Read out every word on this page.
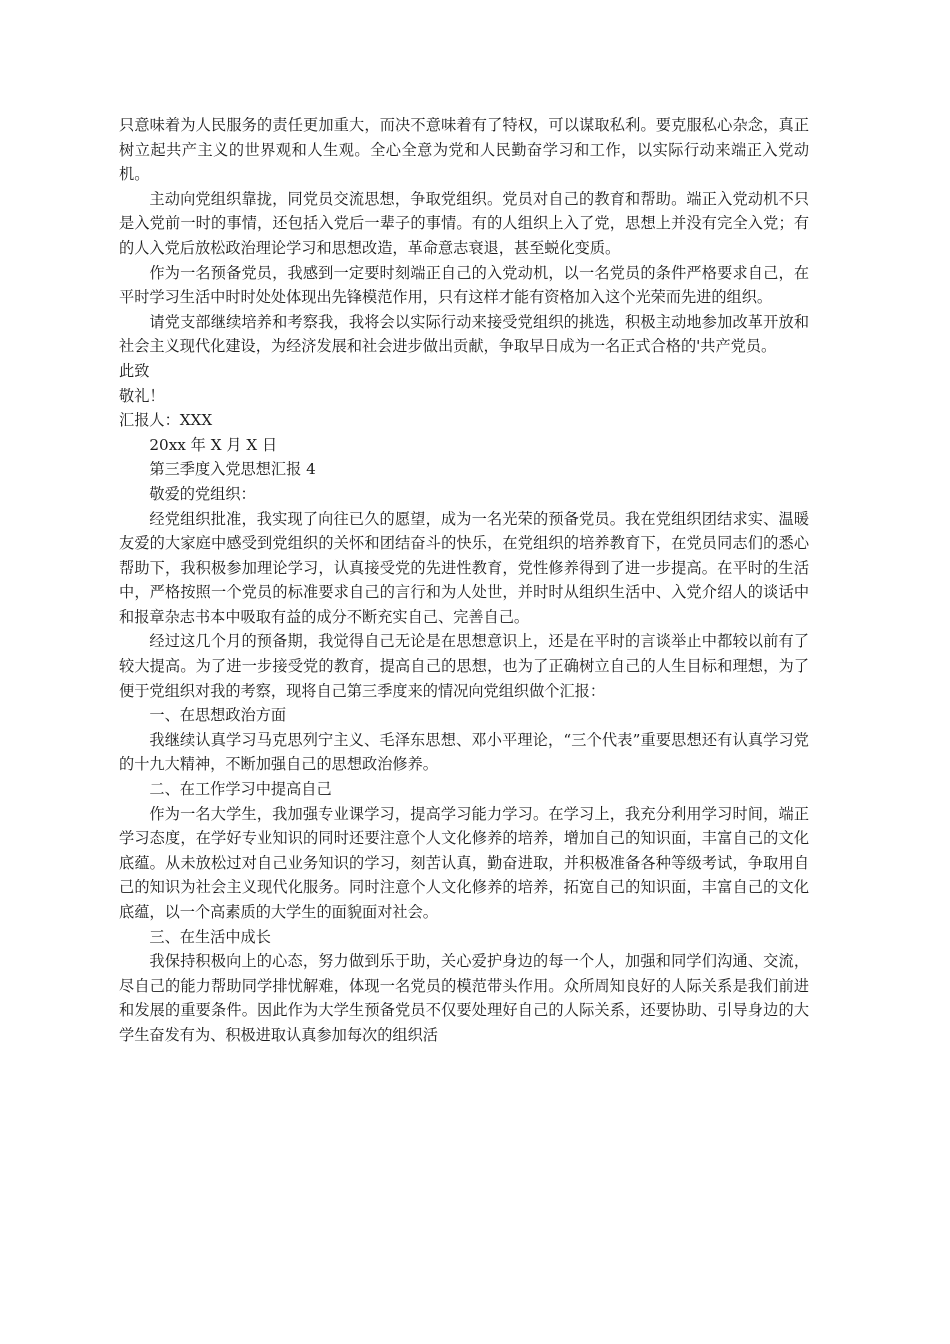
只意味着为人民服务的责任更加重大，而决不意味着有了特权，可以谋取私利。要克服私心杂念，真正树立起共产主义的世界观和人生观。全心全意为党和人民勤奋学习和工作，以实际行动来端正入党动机。

主动向党组织靠拢，同党员交流思想，争取党组织。党员对自己的教育和帮助。端正入党动机不只是入党前一时的事情，还包括入党后一辈子的事情。有的人组织上入了党，思想上并没有完全入党；有的人入党后放松政治理论学习和思想改造，革命意志衰退，甚至蜕化变质。

作为一名预备党员，我感到一定要时刻端正自己的入党动机，以一名党员的条件严格要求自己，在平时学习生活中时时处处体现出先锋模范作用，只有这样才能有资格加入这个光荣而先进的组织。

请党支部继续培养和考察我，我将会以实际行动来接受党组织的挑选，积极主动地参加改革开放和社会主义现代化建设，为经济发展和社会进步做出贡献，争取早日成为一名正式合格的'共产党员。

此致
敬礼！
汇报人：XXX
20xx 年 X 月 X 日
第三季度入党思想汇报 4
敬爱的党组织：

经党组织批准，我实现了向往已久的愿望，成为一名光荣的预备党员。我在党组织团结求实、温暖友爱的大家庭中感受到党组织的关怀和团结奋斗的快乐，在党组织的培养教育下，在党员同志们的悉心帮助下，我积极参加理论学习，认真接受党的先进性教育，党性修养得到了进一步提高。在平时的生活中，严格按照一个党员的标准要求自己的言行和为人处世，并时时从组织生活中、入党介绍人的谈话中和报章杂志书本中吸取有益的成分不断充实自己、完善自己。

经过这几个月的预备期，我觉得自己无论是在思想意识上，还是在平时的言谈举止中都较以前有了较大提高。为了进一步接受党的教育，提高自己的思想，也为了正确树立自己的人生目标和理想，为了便于党组织对我的考察，现将自己第三季度来的情况向党组织做个汇报：

一、在思想政治方面

我继续认真学习马克思列宁主义、毛泽东思想、邓小平理论，“三个代表”重要思想还有认真学习党的十九大精神，不断加强自己的思想政治修养。

二、在工作学习中提高自己

作为一名大学生，我加强专业课学习，提高学习能力学习。在学习上，我充分利用学习时间，端正学习态度，在学好专业知识的同时还要注意个人文化修养的培养，增加自己的知识面，丰富自己的文化底蕴。从未放松过对自己业务知识的学习，刻苦认真，勤奋进取，并积极准备各种等级考试，争取用自己的知识为社会主义现代化服务。同时注意个人文化修养的培养，拓宽自己的知识面，丰富自己的文化底蕴，以一个高素质的大学生的面貌面对社会。

三、在生活中成长

我保持积极向上的心态，努力做到乐于助，关心爱护身边的每一个人，加强和同学们沟通、交流，尽自己的能力帮助同学排忧解难，体现一名党员的模范带头作用。众所周知良好的人际关系是我们前进和发展的重要条件。因此作为大学生预备党员不仅要处理好自己的人际关系，还要协助、引导身边的大学生奋发有为、积极进取认真参加每次的组织活
